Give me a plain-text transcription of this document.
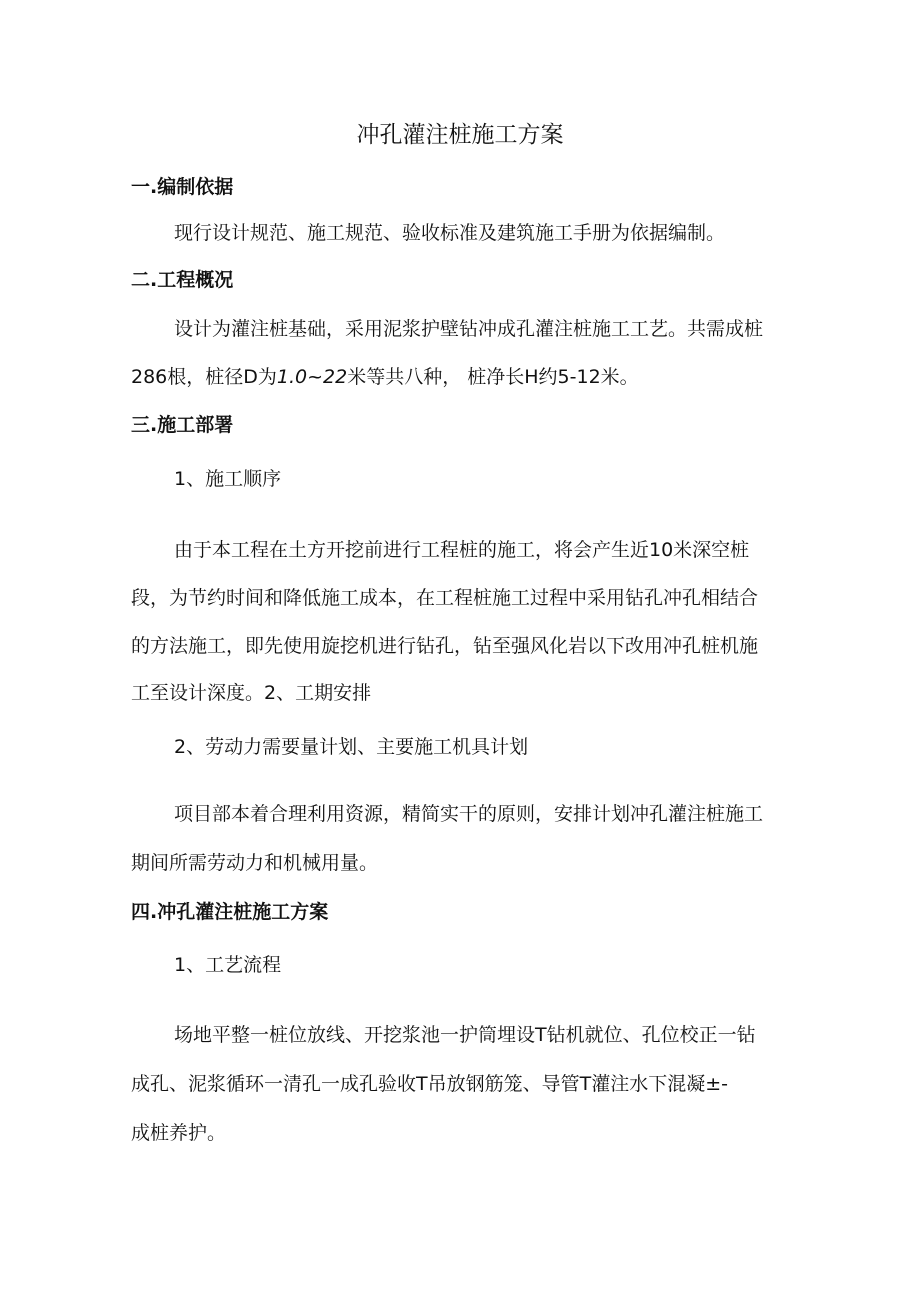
冲孔灌注桩施工方案
一.编制依据

现行设计规范、施工规范、验收标准及建筑施工手册为依据编制。

二.工程概况

设计为灌注桩基础，采用泥浆护壁钻冲成孔灌注桩施工工艺。共需成桩

286根，桩径D为1.0~22米等共八种， 桩净长H约5-12米。

三.施工部署

1、施工顺序

由于本工程在土方开挖前进行工程桩的施工，将会产生近10米深空桩

段，为节约时间和降低施工成本，在工程桩施工过程中采用钻孔冲孔相结合

的方法施工，即先使用旋挖机进行钻孔，钻至强风化岩以下改用冲孔桩机施

工至设计深度。2、工期安排

2、劳动力需要量计划、主要施工机具计划

项目部本着合理利用资源，精简实干的原则，安排计划冲孔灌注桩施工

期间所需劳动力和机械用量。

四.冲孔灌注桩施工方案

1、工艺流程

场地平整一桩位放线、开挖浆池一护筒埋设T钻机就位、孔位校正一钻

成孔、泥浆循环一清孔一成孔验收T吊放钢筋笼、导管T灌注水下混凝±-

成桩养护。
